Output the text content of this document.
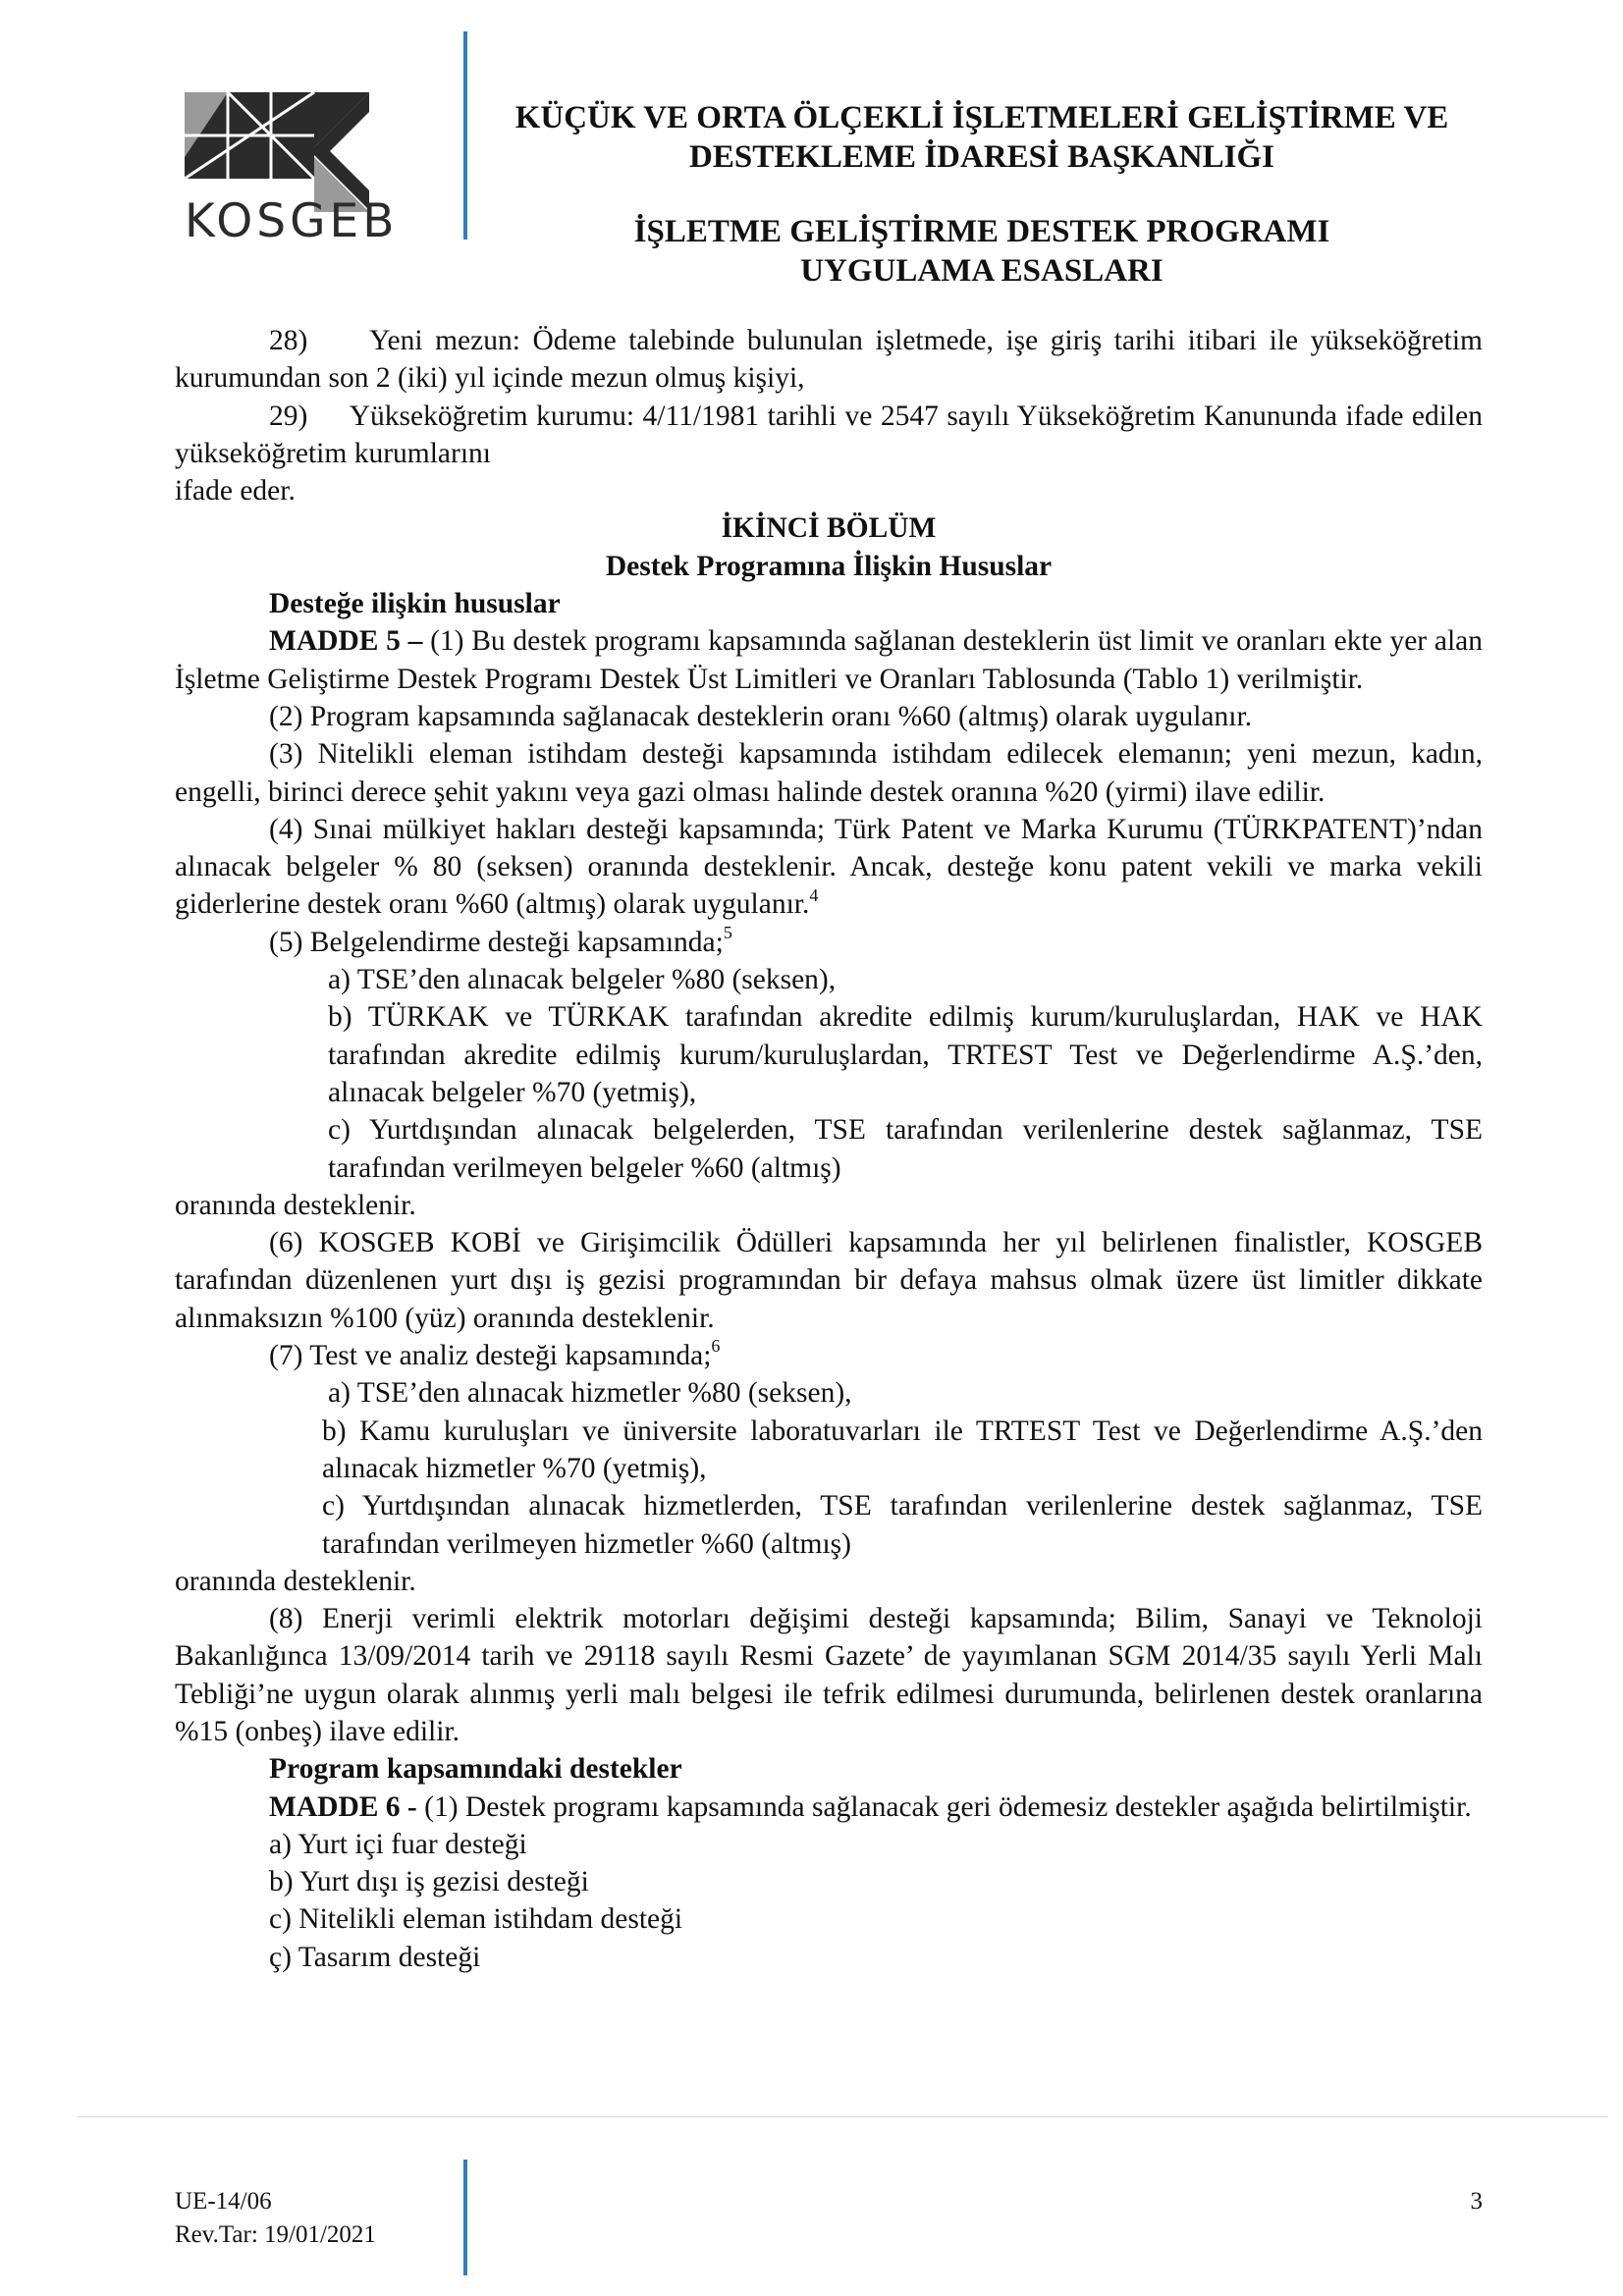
KOSGEB
KÜÇÜK VE ORTA ÖLÇEKLİ İŞLETMELERİ GELİŞTİRME VE
DESTEKLEME İDARESİ BAŞKANLIĞI
İŞLETME GELİŞTİRME DESTEK PROGRAMI
UYGULAMA ESASLARI

28)     Yeni mezun: Ödeme talebinde bulunulan işletmede, işe giriş tarihi itibari ile yükseköğretim kurumundan son 2 (iki) yıl içinde mezun olmuş kişiyi,

29)     Yükseköğretim kurumu: 4/11/1981 tarihli ve 2547 sayılı Yükseköğretim Kanununda ifade edilen yükseköğretim kurumlarını

ifade eder.

İKİNCİ BÖLÜM

Destek Programına İlişkin Hususlar

Desteğe ilişkin hususlar

MADDE 5 – (1) Bu destek programı kapsamında sağlanan desteklerin üst limit ve oranları ekte yer alan İşletme Geliştirme Destek Programı Destek Üst Limitleri ve Oranları Tablosunda (Tablo 1) verilmiştir.

(2) Program kapsamında sağlanacak desteklerin oranı %60 (altmış) olarak uygulanır.

(3) Nitelikli eleman istihdam desteği kapsamında istihdam edilecek elemanın; yeni mezun, kadın, engelli, birinci derece şehit yakını veya gazi olması halinde destek oranına %20 (yirmi) ilave edilir.

(4) Sınai mülkiyet hakları desteği kapsamında; Türk Patent ve Marka Kurumu (TÜRKPATENT)’ndan alınacak belgeler % 80 (seksen) oranında desteklenir. Ancak, desteğe konu patent vekili ve marka vekili giderlerine destek oranı %60 (altmış) olarak uygulanır.$^4$

(5) Belgelendirme desteği kapsamında;$^5$

a) TSE’den alınacak belgeler %80 (seksen),

b) TÜRKAK ve TÜRKAK tarafından akredite edilmiş kurum/kuruluşlardan, HAK ve HAK tarafından akredite edilmiş kurum/kuruluşlardan, TRTEST Test ve Değerlendirme A.Ş.’den, alınacak belgeler %70 (yetmiş),

c) Yurtdışından alınacak belgelerden, TSE tarafından verilenlerine destek sağlanmaz, TSE tarafından verilmeyen belgeler %60 (altmış)

oranında desteklenir.

(6) KOSGEB KOBİ ve Girişimcilik Ödülleri kapsamında her yıl belirlenen finalistler, KOSGEB tarafından düzenlenen yurt dışı iş gezisi programından bir defaya mahsus olmak üzere üst limitler dikkate alınmaksızın %100 (yüz) oranında desteklenir.

(7) Test ve analiz desteği kapsamında;$^6$

a) TSE’den alınacak hizmetler %80 (seksen),

b) Kamu kuruluşları ve üniversite laboratuvarları ile TRTEST Test ve Değerlendirme A.Ş.’den alınacak hizmetler %70 (yetmiş),

c) Yurtdışından alınacak hizmetlerden, TSE tarafından verilenlerine destek sağlanmaz, TSE tarafından verilmeyen hizmetler %60 (altmış)

oranında desteklenir.

(8) Enerji verimli elektrik motorları değişimi desteği kapsamında; Bilim, Sanayi ve Teknoloji Bakanlığınca 13/09/2014 tarih ve 29118 sayılı Resmi Gazete’ de yayımlanan SGM 2014/35 sayılı Yerli Malı Tebliği’ne uygun olarak alınmış yerli malı belgesi ile tefrik edilmesi durumunda, belirlenen destek oranlarına %15 (onbeş) ilave edilir.

Program kapsamındaki destekler

MADDE 6 - (1) Destek programı kapsamında sağlanacak geri ödemesiz destekler aşağıda belirtilmiştir.

a) Yurt içi fuar desteği

b) Yurt dışı iş gezisi desteği

c) Nitelikli eleman istihdam desteği

ç) Tasarım desteği

UE-14/06
Rev.Tar: 19/01/2021
3
